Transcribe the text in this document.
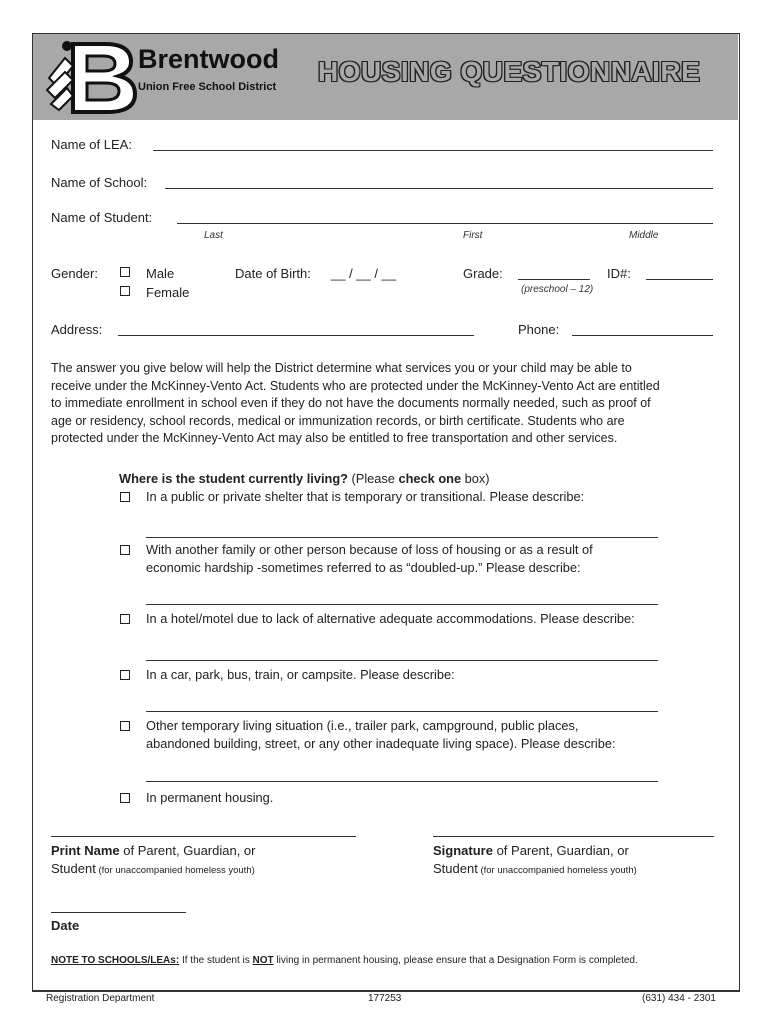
Brentwood
Union Free School District HOUSING QUESTIONNAIRE
Name of LEA:
Name of School:
Name of Student:
Last	First	Middle
Gender:	Male
Female
Date of Birth: __ / __ / __	Grade:
(preschool – 12)
ID#:
Address:	Phone:
The answer you give below will help the District determine what services you or your child may be able to
receive under the McKinney-Vento Act. Students who are protected under the McKinney-Vento Act are entitled
to immediate enrollment in school even if they do not have the documents normally needed, such as proof of
age or residency, school records, medical or immunization records, or birth certificate. Students who are
protected under the McKinney-Vento Act may also be entitled to free transportation and other services.
Where is the student currently living? (Please check one box)
In a public or private shelter that is temporary or transitional. Please describe:
With another family or other person because of loss of housing or as a result of
economic hardship -sometimes referred to as “doubled-up.” Please describe:
In a hotel/motel due to lack of alternative adequate accommodations. Please describe:
In a car, park, bus, train, or campsite. Please describe:
Other temporary living situation (i.e., trailer park, campground, public places,
abandoned building, street, or any other inadequate living space). Please describe:
In permanent housing.
Print Name of Parent, Guardian, or
Student (for unaccompanied homeless youth)
Signature of Parent, Guardian, or
Student (for unaccompanied homeless youth)
Date
NOTE TO SCHOOLS/LEAs: If the student is NOT living in permanent housing, please ensure that a Designation Form is completed.
Registration Department	177253	(631) 434 - 2301
